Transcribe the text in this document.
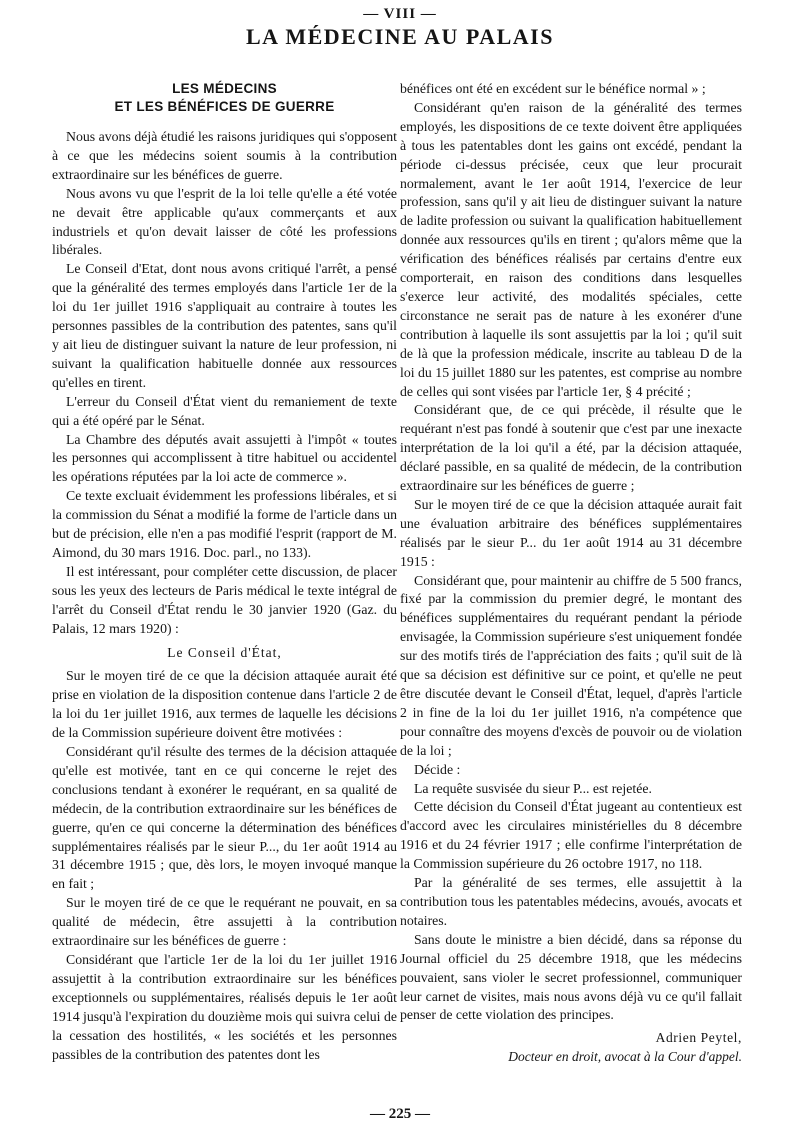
— VIII —
LA MÉDECINE AU PALAIS
LES MÉDECINS
ET LES BÉNÉFICES DE GUERRE

Nous avons déjà étudié les raisons juridiques qui s'opposent à ce que les médecins soient soumis à la contribution extraordinaire sur les bénéfices de guerre.

Nous avons vu que l'esprit de la loi telle qu'elle a été votée ne devait être applicable qu'aux commerçants et aux industriels et qu'on devait laisser de côté les professions libérales.

Le Conseil d'Etat, dont nous avons critiqué l'arrêt, a pensé que la généralité des termes employés dans l'article 1er de la loi du 1er juillet 1916 s'appliquait au contraire à toutes les personnes passibles de la contribution des patentes, sans qu'il y ait lieu de distinguer suivant la nature de leur profession, ni suivant la qualification habituelle donnée aux ressources qu'elles en tirent.

L'erreur du Conseil d'État vient du remaniement de texte qui a été opéré par le Sénat.

La Chambre des députés avait assujetti à l'impôt « toutes les personnes qui accomplissent à titre habituel ou accidentel les opérations réputées par la loi acte de commerce ».

Ce texte excluait évidemment les professions libérales, et si la commission du Sénat a modifié la forme de l'article dans un but de précision, elle n'en a pas modifié l'esprit (rapport de M. Aimond, du 30 mars 1916. Doc. parl., no 133).

Il est intéressant, pour compléter cette discussion, de placer sous les yeux des lecteurs de Paris médical le texte intégral de l'arrêt du Conseil d'État rendu le 30 janvier 1920 (Gaz. du Palais, 12 mars 1920) :

Le Conseil d'État,

Sur le moyen tiré de ce que la décision attaquée aurait été prise en violation de la disposition contenue dans l'article 2 de la loi du 1er juillet 1916, aux termes de laquelle les décisions de la Commission supérieure doivent être motivées :

Considérant qu'il résulte des termes de la décision attaquée qu'elle est motivée, tant en ce qui concerne le rejet des conclusions tendant à exonérer le requérant, en sa qualité de médecin, de la contribution extraordinaire sur les bénéfices de guerre, qu'en ce qui concerne la détermination des bénéfices supplémentaires réalisés par le sieur P..., du 1er août 1914 au 31 décembre 1915 ; que, dès lors, le moyen invoqué manque en fait ;

Sur le moyen tiré de ce que le requérant ne pouvait, en sa qualité de médecin, être assujetti à la contribution extraordinaire sur les bénéfices de guerre :

Considérant que l'article 1er de la loi du 1er juillet 1916 assujettit à la contribution extraordinaire sur les bénéfices exceptionnels ou supplémentaires, réalisés depuis le 1er août 1914 jusqu'à l'expiration du douzième mois qui suivra celui de la cessation des hostilités, « les sociétés et les personnes passibles de la contribution des patentes dont les

bénéfices ont été en excédent sur le bénéfice normal » ;

Considérant qu'en raison de la généralité des termes employés, les dispositions de ce texte doivent être appliquées à tous les patentables dont les gains ont excédé, pendant la période ci-dessus précisée, ceux que leur procurait normalement, avant le 1er août 1914, l'exercice de leur profession, sans qu'il y ait lieu de distinguer suivant la nature de ladite profession ou suivant la qualification habituellement donnée aux ressources qu'ils en tirent ; qu'alors même que la vérification des bénéfices réalisés par certains d'entre eux comporterait, en raison des conditions dans lesquelles s'exerce leur activité, des modalités spéciales, cette circonstance ne serait pas de nature à les exonérer d'une contribution à laquelle ils sont assujettis par la loi ; qu'il suit de là que la profession médicale, inscrite au tableau D de la loi du 15 juillet 1880 sur les patentes, est comprise au nombre de celles qui sont visées par l'article 1er, § 4 précité ;

Considérant que, de ce qui précède, il résulte que le requérant n'est pas fondé à soutenir que c'est par une inexacte interprétation de la loi qu'il a été, par la décision attaquée, déclaré passible, en sa qualité de médecin, de la contribution extraordinaire sur les bénéfices de guerre ;

Sur le moyen tiré de ce que la décision attaquée aurait fait une évaluation arbitraire des bénéfices supplémentaires réalisés par le sieur P... du 1er août 1914 au 31 décembre 1915 :

Considérant que, pour maintenir au chiffre de 5 500 francs, fixé par la commission du premier degré, le montant des bénéfices supplémentaires du requérant pendant la période envisagée, la Commission supérieure s'est uniquement fondée sur des motifs tirés de l'appréciation des faits ; qu'il suit de là que sa décision est définitive sur ce point, et qu'elle ne peut être discutée devant le Conseil d'État, lequel, d'après l'article 2 in fine de la loi du 1er juillet 1916, n'a compétence que pour connaître des moyens d'excès de pouvoir ou de violation de la loi ;

Décide :

La requête susvisée du sieur P... est rejetée.

Cette décision du Conseil d'État jugeant au contentieux est d'accord avec les circulaires ministérielles du 8 décembre 1916 et du 24 février 1917 ; elle confirme l'interprétation de la Commission supérieure du 26 octobre 1917, no 118.

Par la généralité de ses termes, elle assujettit à la contribution tous les patentables médecins, avoués, avocats et notaires.

Sans doute le ministre a bien décidé, dans sa réponse du Journal officiel du 25 décembre 1918, que les médecins pouvaient, sans violer le secret professionnel, communiquer leur carnet de visites, mais nous avons déjà vu ce qu'il fallait penser de cette violation des principes.

Adrien Peytel,
Docteur en droit, avocat à la Cour d'appel.
— 225 —
